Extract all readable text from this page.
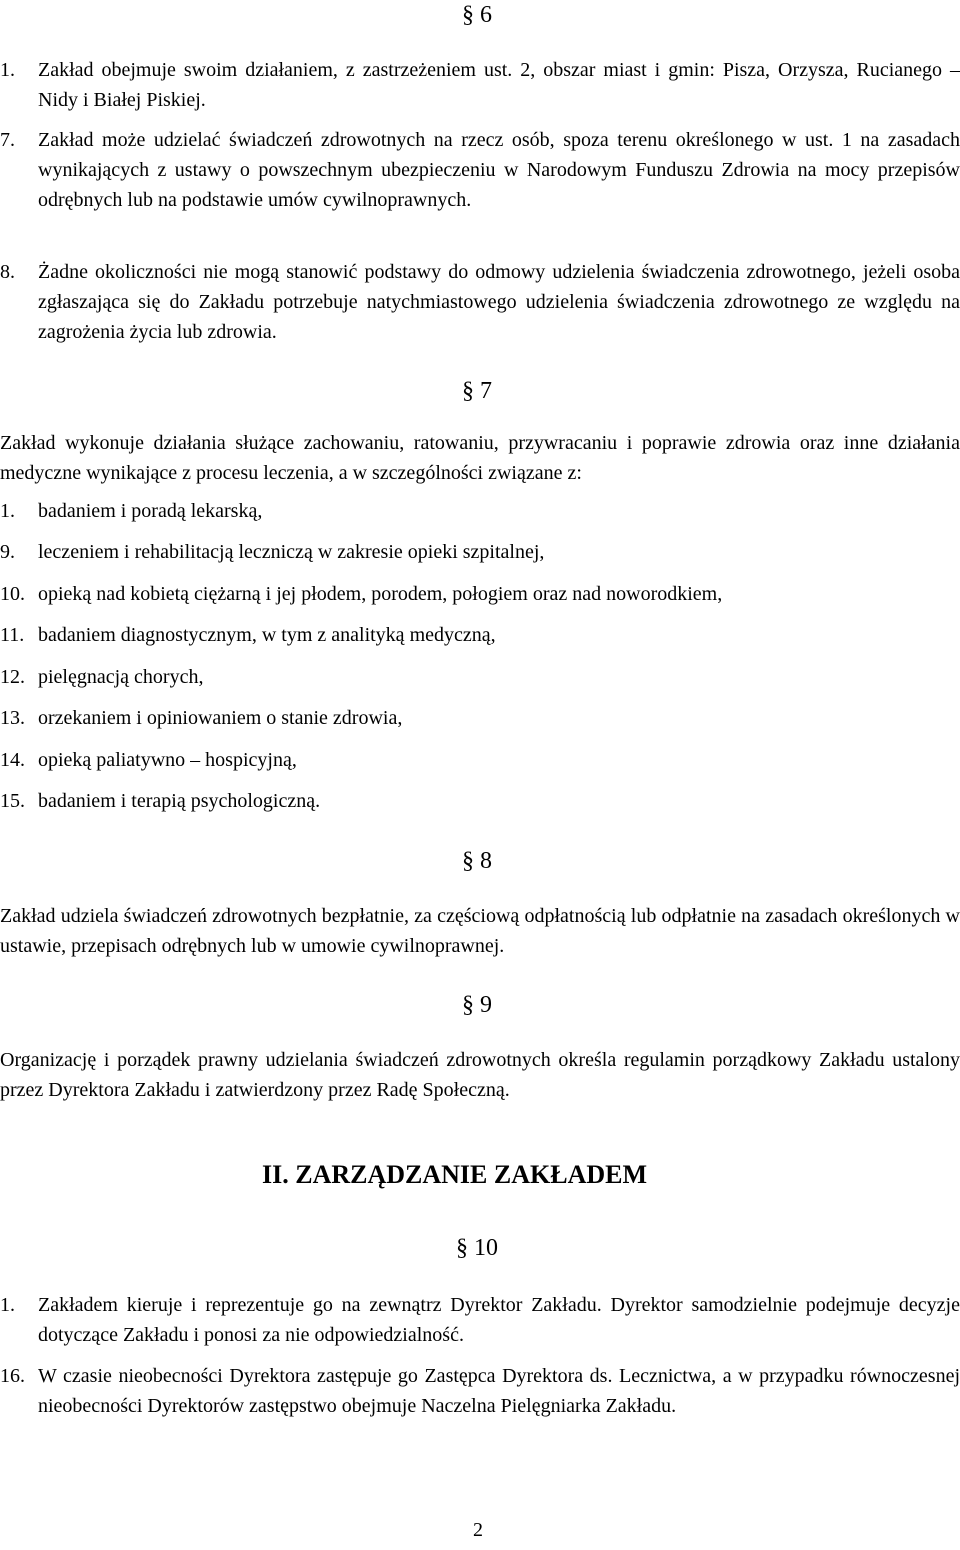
§ 6
1.	Zakład obejmuje swoim działaniem, z zastrzeżeniem ust. 2, obszar miast i gmin: Pisza, Orzysza, Rucianego – Nidy i Białej Piskiej.
7.	Zakład może udzielać świadczeń zdrowotnych na rzecz osób, spoza terenu określonego w ust. 1 na zasadach wynikających z ustawy o powszechnym ubezpieczeniu w Narodowym Funduszu Zdrowia na mocy przepisów odrębnych lub na podstawie umów cywilnoprawnych.
8.	Żadne okoliczności nie mogą stanowić podstawy do odmowy udzielenia świadczenia zdrowotnego, jeżeli osoba zgłaszająca się do Zakładu potrzebuje natychmiastowego udzielenia świadczenia zdrowotnego ze względu na zagrożenia życia lub zdrowia.
§ 7
Zakład wykonuje działania służące zachowaniu, ratowaniu, przywracaniu i poprawie zdrowia oraz inne działania medyczne wynikające z procesu leczenia, a w szczególności związane z:
1.	badaniem i poradą lekarską,
9.	leczeniem i rehabilitacją leczniczą w zakresie opieki szpitalnej,
10. opieką nad kobietą ciężarną i jej płodem, porodem, połogiem oraz nad noworodkiem,
11. badaniem diagnostycznym, w tym z analityką medyczną,
12. pielęgnacją chorych,
13. orzekaniem i opiniowaniem o stanie zdrowia,
14. opieką paliatywno – hospicyjną,
15. badaniem i terapią psychologiczną.
§ 8
Zakład udziela świadczeń zdrowotnych bezpłatnie, za częściową odpłatnością lub odpłatnie na zasadach określonych w ustawie, przepisach odrębnych lub w umowie cywilnoprawnej.
§ 9
Organizację i porządek prawny udzielania świadczeń zdrowotnych określa regulamin porządkowy Zakładu ustalony przez Dyrektora Zakładu i zatwierdzony przez Radę Społeczną.
II. ZARZĄDZANIE ZAKŁADEM
§ 10
1.	Zakładem kieruje i reprezentuje go na zewnątrz Dyrektor Zakładu. Dyrektor samodzielnie podejmuje decyzje dotyczące Zakładu i ponosi za nie odpowiedzialność.
16. W czasie nieobecności Dyrektora zastępuje go Zastępca Dyrektora ds. Lecznictwa, a w przypadku równoczesnej nieobecności Dyrektorów zastępstwo obejmuje Naczelna Pielęgniarka Zakładu.
2
